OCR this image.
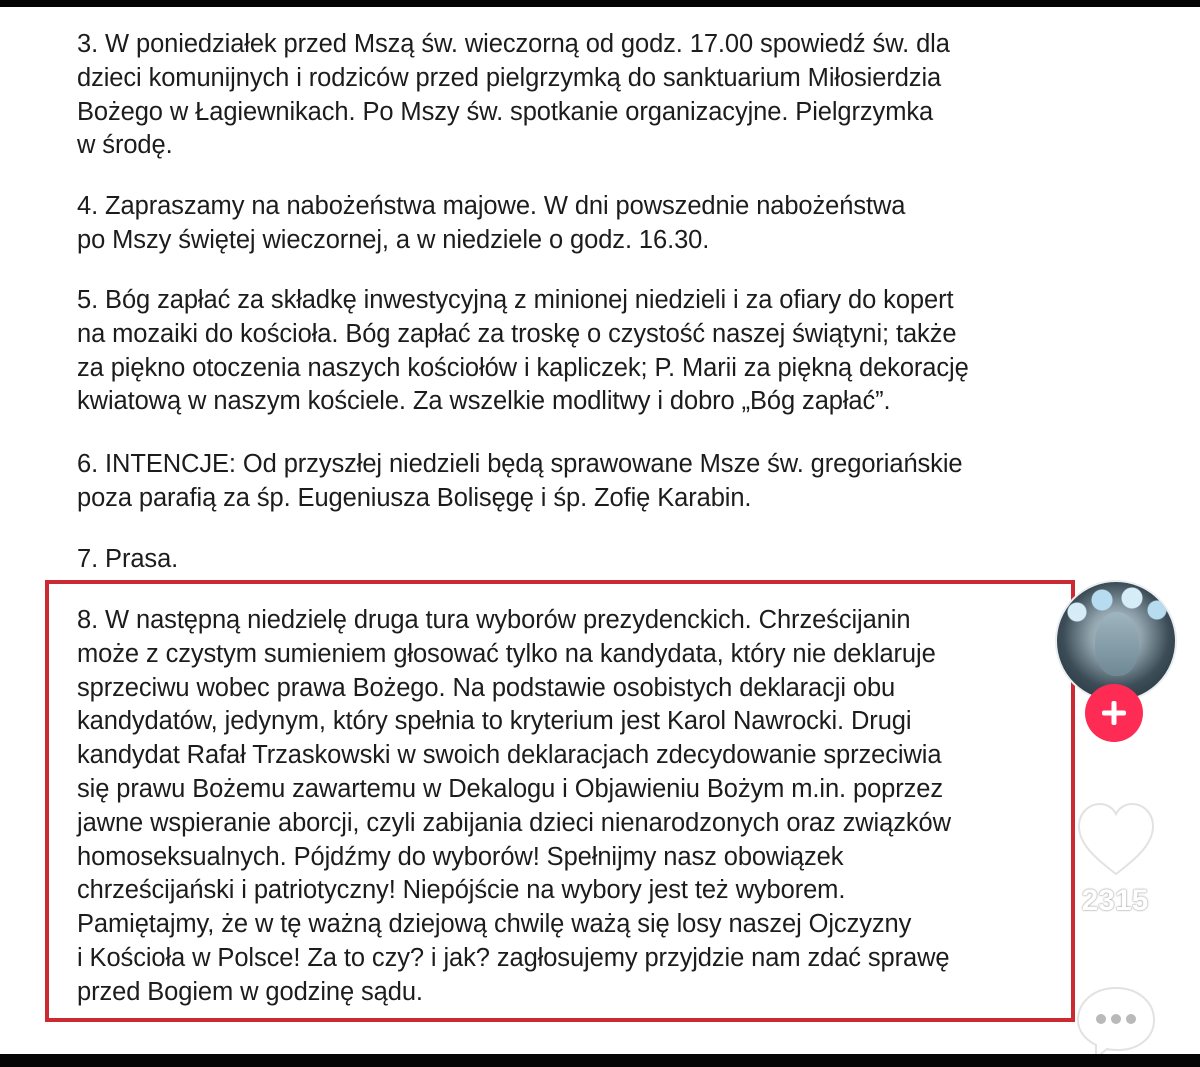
3. W poniedziałek przed Mszą św. wieczorną od godz. 17.00 spowiedź św. dla
dzieci komunijnych i rodziców przed pielgrzymką do sanktuarium Miłosierdzia
Bożego w Łagiewnikach. Po Mszy św. spotkanie organizacyjne. Pielgrzymka
w środę.
4. Zapraszamy na nabożeństwa majowe. W dni powszednie nabożeństwa
po Mszy świętej wieczornej, a w niedziele o godz. 16.30.
5. Bóg zapłać za składkę inwestycyjną z minionej niedzieli i za ofiary do kopert
na mozaiki do kościoła. Bóg zapłać za troskę o czystość naszej świątyni; także
za piękno otoczenia naszych kościołów i kapliczek; P. Marii za piękną dekorację
kwiatową w naszym kościele. Za wszelkie modlitwy i dobro „Bóg zapłać”.
6. INTENCJE: Od przyszłej niedzieli będą sprawowane Msze św. gregoriańskie
poza parafią za śp. Eugeniusza Bolisęgę i śp. Zofię Karabin.
7. Prasa.
8. W następną niedzielę druga tura wyborów prezydenckich. Chrześcijanin
może z czystym sumieniem głosować tylko na kandydata, który nie deklaruje
sprzeciwu wobec prawa Bożego. Na podstawie osobistych deklaracji obu
kandydatów, jedynym, który spełnia to kryterium jest Karol Nawrocki. Drugi
kandydat Rafał Trzaskowski w swoich deklaracjach zdecydowanie sprzeciwia
się prawu Bożemu zawartemu w Dekalogu i Objawieniu Bożym m.in. poprzez
jawne wspieranie aborcji, czyli zabijania dzieci nienarodzonych oraz związków
homoseksualnych. Pójdźmy do wyborów! Spełnijmy nasz obowiązek
chrześcijański i patriotyczny! Niepójście na wybory jest też wyborem.
Pamiętajmy, że w tę ważną dziejową chwilę ważą się losy naszej Ojczyzny
i Kościoła w Polsce! Za to czy? i jak? zagłosujemy przyjdzie nam zdać sprawę
przed Bogiem w godzinę sądu.
2315
